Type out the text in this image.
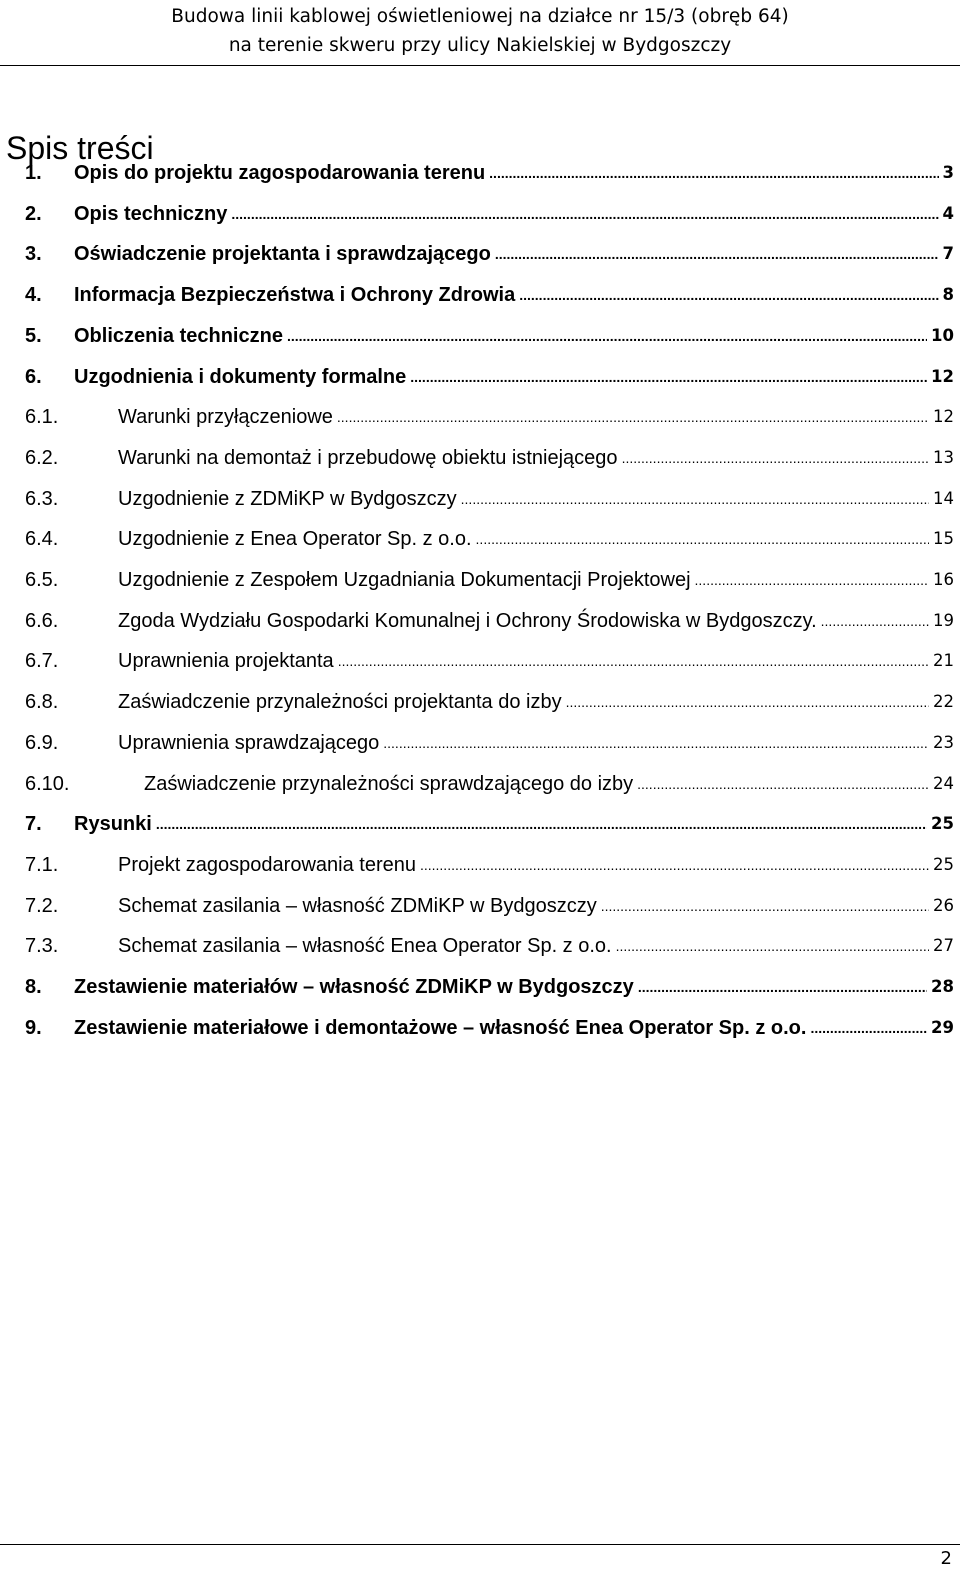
Budowa linii kablowej oświetleniowej na działce nr 15/3 (obręb 64)
na terenie skweru przy ulicy Nakielskiej w Bydgoszczy
Spis treści
1. Opis do projektu zagospodarowania terenu .....	3
2. Opis techniczny .....	4
3. Oświadczenie projektanta i sprawdzającego .....	7
4. Informacja Bezpieczeństwa i Ochrony Zdrowia .....	8
5. Obliczenia techniczne .....	10
6. Uzgodnienia i dokumenty formalne .....	12
6.1.	Warunki przyłączeniowe .....	12
6.2.	Warunki na demontaż i przebudowę obiektu istniejącego .....	13
6.3.	Uzgodnienie z ZDMiKP w Bydgoszczy .....	14
6.4.	Uzgodnienie z Enea Operator Sp. z o.o. .....	15
6.5.	Uzgodnienie z Zespołem Uzgadniania Dokumentacji Projektowej .....	16
6.6.	Zgoda Wydziału Gospodarki Komunalnej i Ochrony Środowiska w Bydgoszczy. .....	19
6.7.	Uprawnienia projektanta .....	21
6.8.	Zaświadczenie przynależności projektanta do izby .....	22
6.9.	Uprawnienia sprawdzającego .....	23
6.10.	Zaświadczenie przynależności sprawdzającego do izby .....	24
7. Rysunki .....	25
7.1.	Projekt zagospodarowania terenu .....	25
7.2.	Schemat zasilania – własność ZDMiKP w Bydgoszczy .....	26
7.3.	Schemat zasilania – własność Enea Operator Sp. z o.o. .....	27
8. Zestawienie materiałów – własność ZDMiKP w Bydgoszczy .....	28
9. Zestawienie materiałowe i demontażowe – własność Enea Operator Sp. z o.o. .....	29
2
